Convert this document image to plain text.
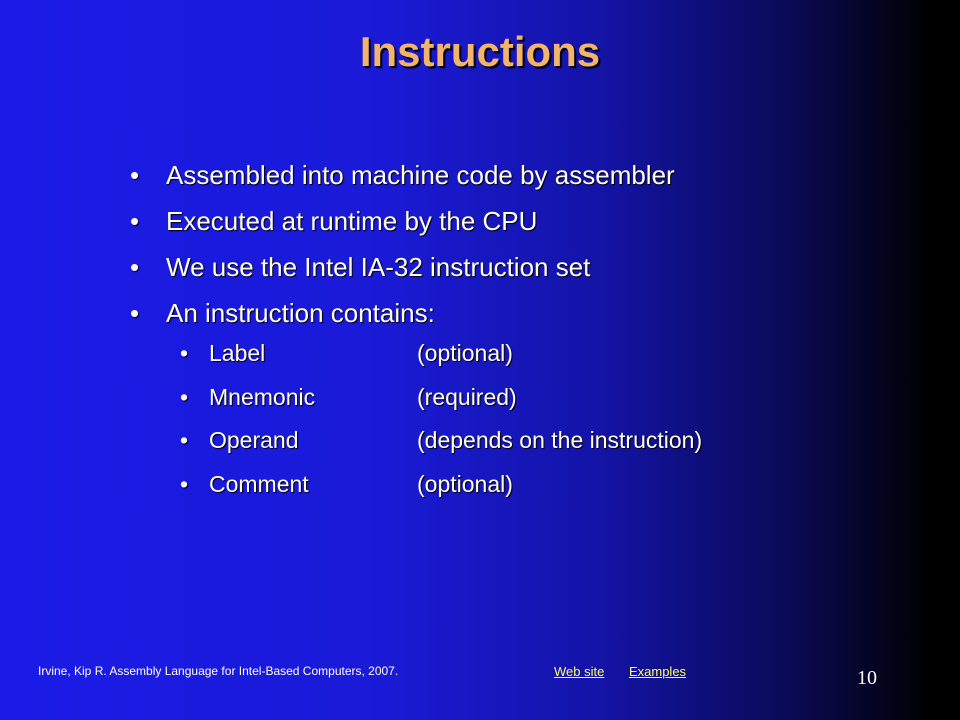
Instructions
•	Assembled into machine code by assembler
•	Executed at runtime by the CPU
•	We use the Intel IA-32 instruction set
•	An instruction contains:
• Label	(optional)
• Mnemonic	(required)
• Operand	(depends on the instruction)
• Comment	(optional)
Irvine, Kip R. Assembly Language for Intel-Based Computers, 2007.	Web site Examples	10
